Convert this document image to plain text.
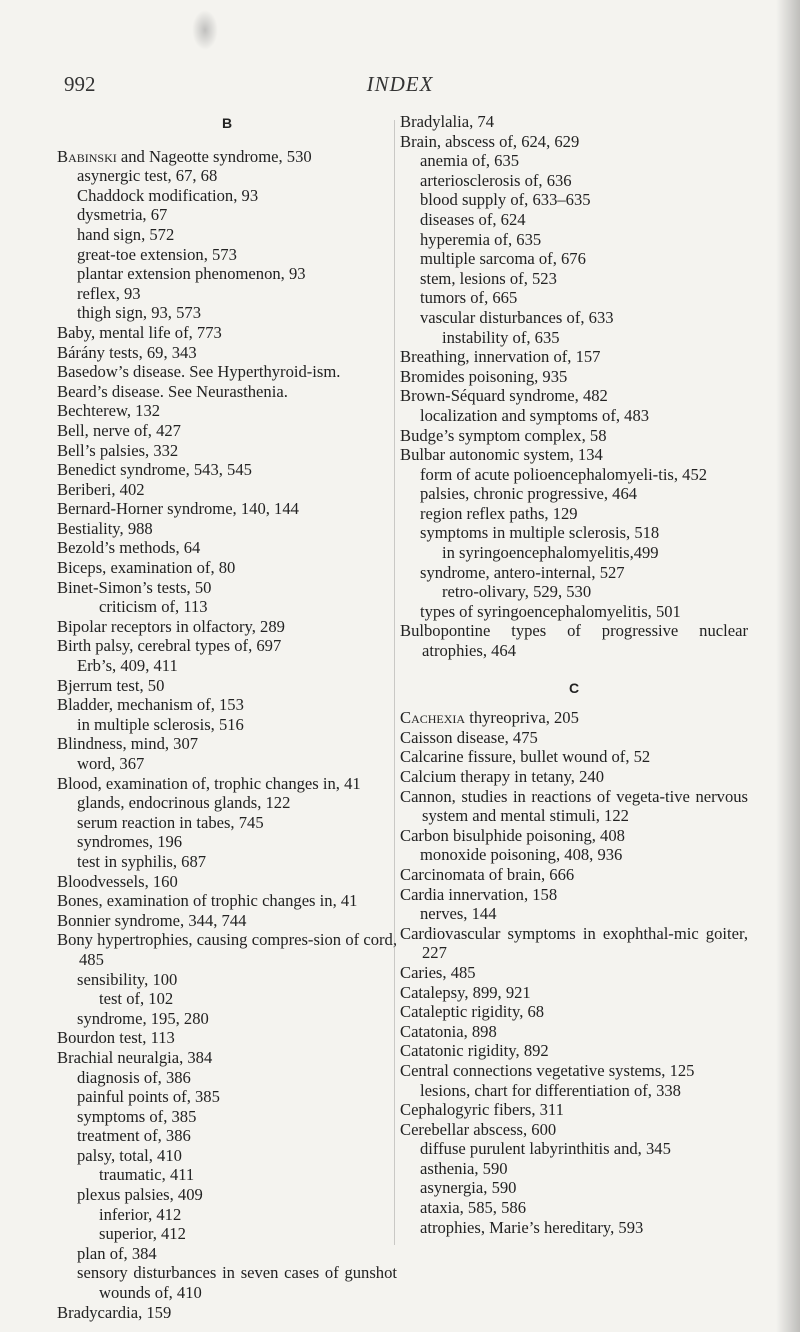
992	INDEX
B
Babinski and Nageotte syndrome, 530
asynergic test, 67, 68
Chaddock modification, 93
dysmetria, 67
hand sign, 572
great-toe extension, 573
plantar extension phenomenon, 93
reflex, 93
thigh sign, 93, 573
Baby, mental life of, 773
Bárány tests, 69, 343
Basedow’s disease. See Hyperthyroid-ism.
Beard’s disease. See Neurasthenia.
Bechterew, 132
Bell, nerve of, 427
Bell’s palsies, 332
Benedict syndrome, 543, 545
Beriberi, 402
Bernard-Horner syndrome, 140, 144
Bestiality, 988
Bezold’s methods, 64
Biceps, examination of, 80
Binet-Simon’s tests, 50
criticism of, 113
Bipolar receptors in olfactory, 289
Birth palsy, cerebral types of, 697
Erb’s, 409, 411
Bjerrum test, 50
Bladder, mechanism of, 153
in multiple sclerosis, 516
Blindness, mind, 307
word, 367
Blood, examination of, trophic changes in, 41
glands, endocrinous glands, 122
serum reaction in tabes, 745
syndromes, 196
test in syphilis, 687
Bloodvessels, 160
Bones, examination of trophic changes in, 41
Bonnier syndrome, 344, 744
Bony hypertrophies, causing compres-sion of cord, 485
sensibility, 100
test of, 102
syndrome, 195, 280
Bourdon test, 113
Brachial neuralgia, 384
diagnosis of, 386
painful points of, 385
symptoms of, 385
treatment of, 386
palsy, total, 410
traumatic, 411
plexus palsies, 409
inferior, 412
superior, 412
plan of, 384
sensory disturbances in seven cases of gunshot wounds of, 410
Bradycardia, 159
Bradylalia, 74
Brain, abscess of, 624, 629
anemia of, 635
arteriosclerosis of, 636
blood supply of, 633–635
diseases of, 624
hyperemia of, 635
multiple sarcoma of, 676
stem, lesions of, 523
tumors of, 665
vascular disturbances of, 633
instability of, 635
Breathing, innervation of, 157
Bromides poisoning, 935
Brown-Séquard syndrome, 482
localization and symptoms of, 483
Budge’s symptom complex, 58
Bulbar autonomic system, 134
form of acute polioencephalomyeli-tis, 452
palsies, chronic progressive, 464
region reflex paths, 129
symptoms in multiple sclerosis, 518
in syringoencephalomyelitis,499
syndrome, antero-internal, 527
retro-olivary, 529, 530
types of syringoencephalomyelitis, 501
Bulbopontine types of progressive nuclear atrophies, 464
C
Cachexia thyreopriva, 205
Caisson disease, 475
Calcarine fissure, bullet wound of, 52
Calcium therapy in tetany, 240
Cannon, studies in reactions of vegeta-tive nervous system and mental stimuli, 122
Carbon bisulphide poisoning, 408
monoxide poisoning, 408, 936
Carcinomata of brain, 666
Cardia innervation, 158
nerves, 144
Cardiovascular symptoms in exophthal-mic goiter, 227
Caries, 485
Catalepsy, 899, 921
Cataleptic rigidity, 68
Catatonia, 898
Catatonic rigidity, 892
Central connections vegetative systems, 125
lesions, chart for differentiation of, 338
Cephalogyric fibers, 311
Cerebellar abscess, 600
diffuse purulent labyrinthitis and, 345
asthenia, 590
asynergia, 590
ataxia, 585, 586
atrophies, Marie’s hereditary, 593
